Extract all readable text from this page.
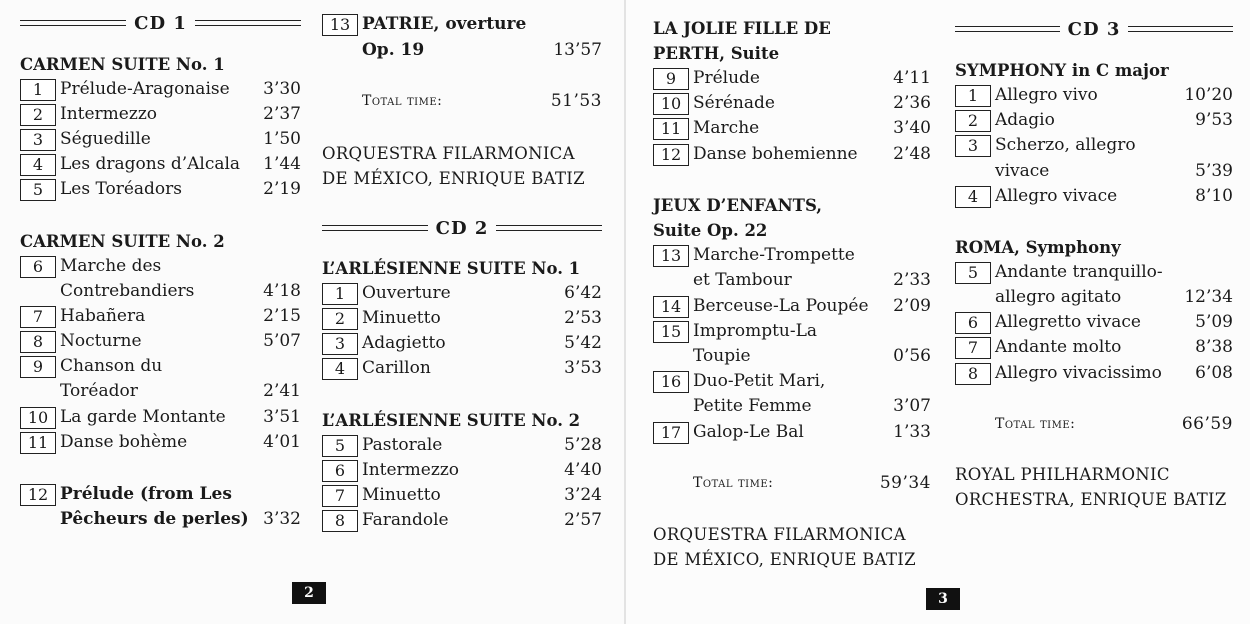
CD 1
CARMEN SUITE No. 1
1 Prélude-Aragonaise 3’30
2 Intermezzo	2’37
3 Séguedille	1’50
4 Les dragons d’Alcala 1’44
5 Les Toréadors	2’19
CARMEN SUITE No. 2
6 Marche des
Contrebandiers	4’18
7 Habañera	2’15
8 Nocturne	5’07
9 Chanson du
Toréador	2’41
10 La garde Montante 3’51
11 Danse bohème	4’01
12 Prélude (from Les
Pêcheurs de perles) 3’32
13 PATRIE, overture
Op. 19	13’57
Total time:	51’53
ORQUESTRA FILARMONICA
DE MÉXICO, ENRIQUE BATIZ
CD 2
L’ARLÉSIENNE SUITE No. 1
1 Ouverture	6’42
2 Minuetto	2’53
3 Adagietto	5’42
4 Carillon	3’53
L’ARLÉSIENNE SUITE No. 2
5 Pastorale	5’28
6 Intermezzo	4’40
7 Minuetto	3’24
8 Farandole	2’57
2
LA JOLIE FILLE DE
PERTH, Suite
9 Prélude	4’11
10 Sérénade	2’36
11 Marche	3’40
12 Danse bohemienne 2’48
JEUX D’ENFANTS,
Suite Op. 22
13 Marche-Trompette
et Tambour	2’33
14 Berceuse-La Poupée 2’09
15 Impromptu-La
Toupie	0’56
16 Duo-Petit Mari,
Petite Femme	3’07
17 Galop-Le Bal	1’33
Total time:	59’34
ORQUESTRA FILARMONICA
DE MÉXICO, ENRIQUE BATIZ
CD 3
SYMPHONY in C major
1 Allegro vivo	10’20
2 Adagio	9’53
3 Scherzo, allegro
vivace	5’39
4 Allegro vivace	8’10
ROMA, Symphony
5 Andante tranquillo-
allegro agitato	12’34
6 Allegretto vivace	5’09
7 Andante molto	8’38
8 Allegro vivacissimo 6’08
Total time:	66’59
ROYAL PHILHARMONIC
ORCHESTRA, ENRIQUE BATIZ
3
